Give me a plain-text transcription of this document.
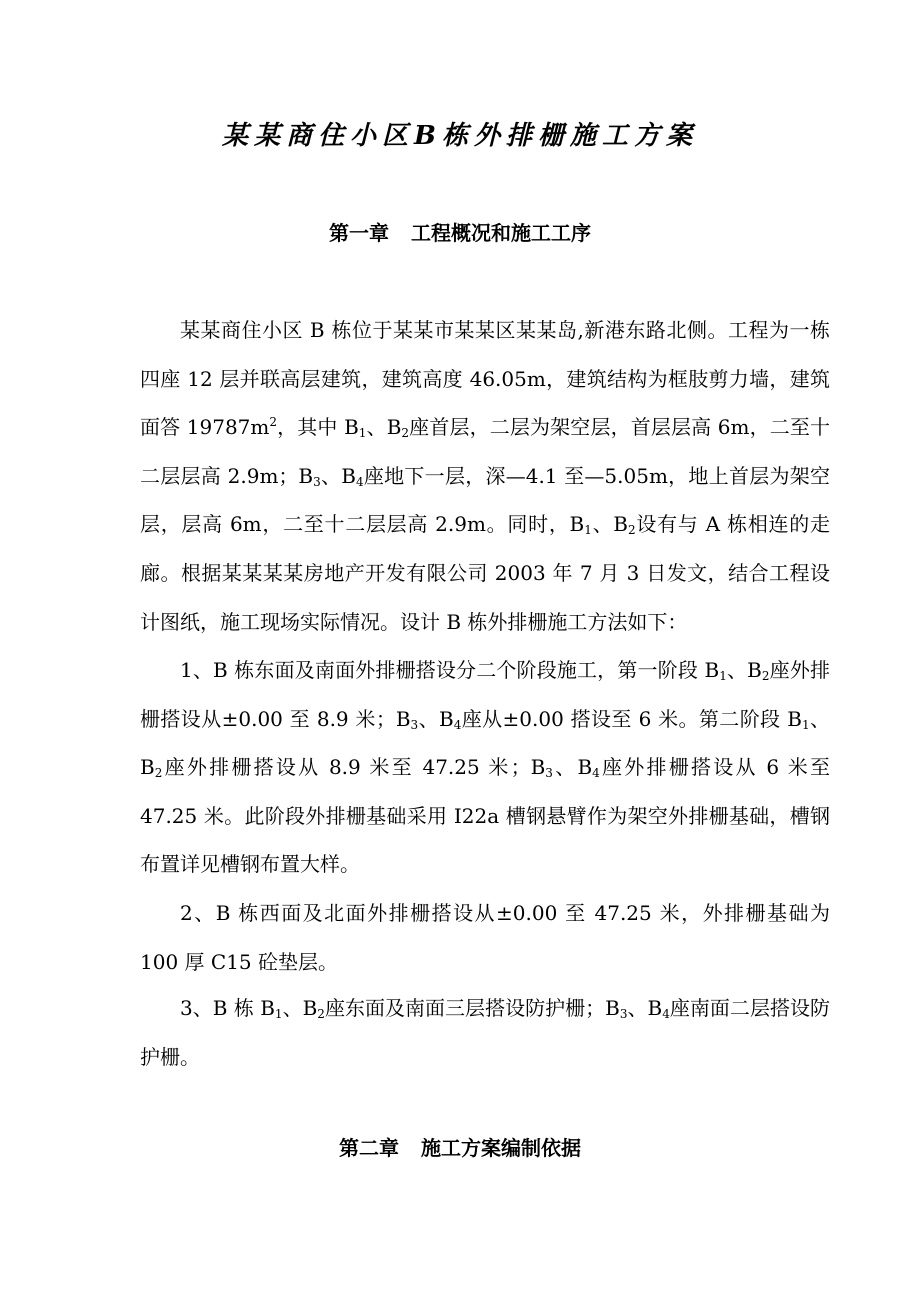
某某商住小区B栋外排栅施工方案
第一章 工程概况和施工工序

某某商住小区 B 栋位于某某市某某区某某岛,新港东路北侧。工程为一栋四座 12 层并联高层建筑，建筑高度 46.05m，建筑结构为框肢剪力墙，建筑面答 $19787m^2$，其中 $B_1$、$B_2$座首层，二层为架空层，首层层高 6m，二至十二层层高 2.9m；$B_3$、$B_4$座地下一层，深—4.1 至—5.05m，地上首层为架空层，层高 6m，二至十二层层高 2.9m。同时，$B_1$、$B_2$设有与 A 栋相连的走廊。根据某某某某房地产开发有限公司 2003 年 7 月 3 日发文，结合工程设计图纸，施工现场实际情况。设计 B 栋外排栅施工方法如下：

1、B 栋东面及南面外排栅搭设分二个阶段施工，第一阶段 $B_1$、$B_2$座外排栅搭设从±0.00 至 8.9 米；$B_3$、$B_4$座从±0.00 搭设至 6 米。第二阶段 $B_1$、$B_2$座外排栅搭设从 8.9 米至 47.25 米；$B_3$、$B_4$座外排栅搭设从 6 米至 47.25 米。此阶段外排栅基础采用 I22a 槽钢悬臂作为架空外排栅基础，槽钢布置详见槽钢布置大样。

2、B 栋西面及北面外排栅搭设从±0.00 至 47.25 米，外排栅基础为 100 厚 C15 砼垫层。

3、B 栋 $B_1$、$B_2$座东面及南面三层搭设防护栅；$B_3$、$B_4$座南面二层搭设防护栅。

第二章 施工方案编制依据
